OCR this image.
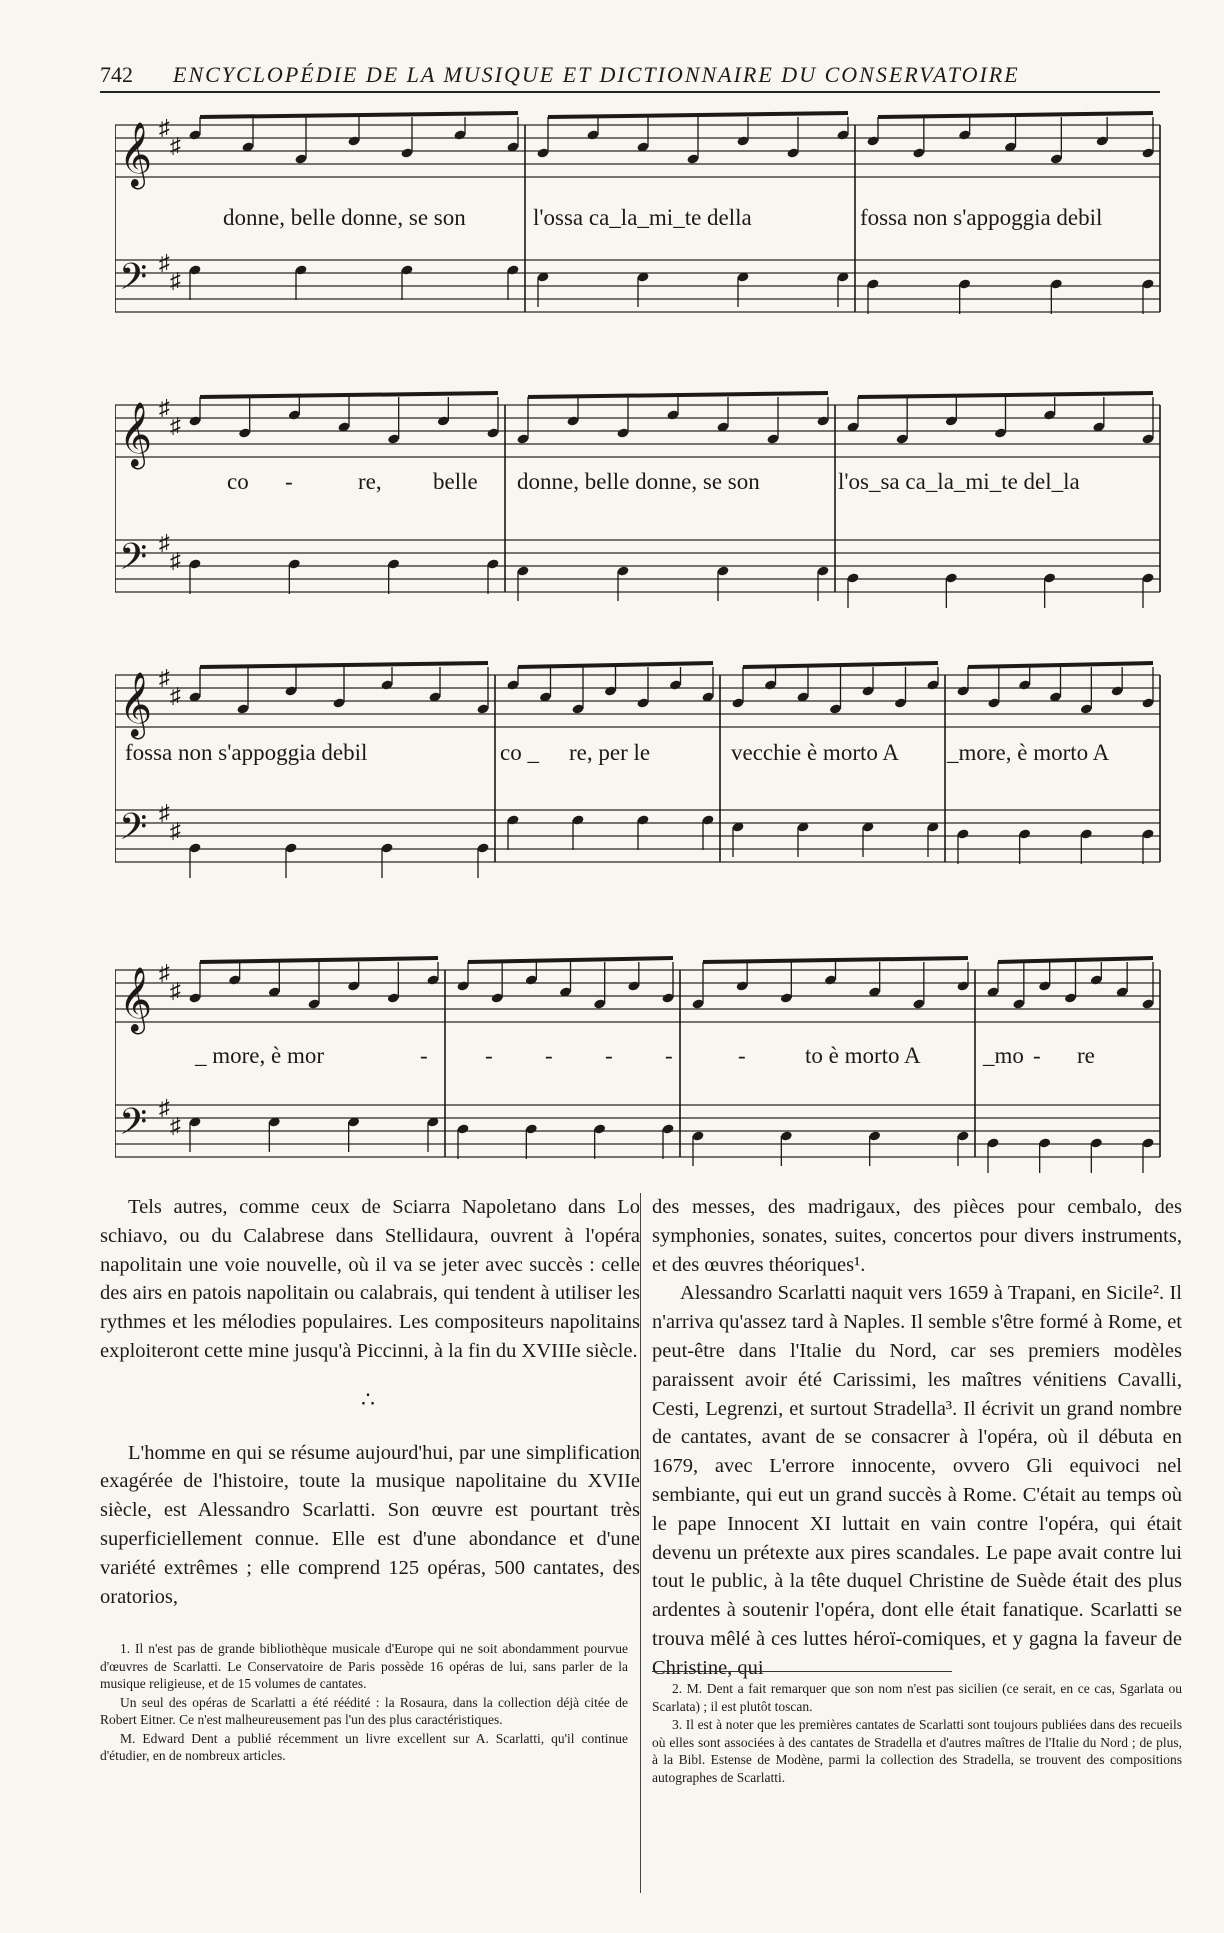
742 ENCYCLOPÉDIE DE LA MUSIQUE ET DICTIONNAIRE DU CONSERVATOIRE
𝄞 ♯
♯
𝄢 ♯
♯
donne, belle donne, se son	l'ossa ca_la_mi_te della	fossa non s'appoggia debil
𝄞 ♯
♯
𝄢 ♯
♯
co -	re, belle donne, belle donne, se son	l'os_sa ca_la_mi_te del_la
𝄞 ♯
♯
𝄢 ♯
♯
fossa non s'appoggia debil	co _ re, per le	vecchie è morto A _more, è morto A
𝄞 ♯
♯
𝄢 ♯
♯
_ more, è mor	- - - - -	-	to è morto A	_mo - re

Tels autres, comme ceux de Sciarra Napoletano dans Lo schiavo, ou du Calabrese dans Stellidaura, ouvrent à l'opéra napolitain une voie nouvelle, où il va se jeter avec succès : celle des airs en patois napolitain ou calabrais, qui tendent à utiliser les rythmes et les mélodies populaires. Les compositeurs napolitains exploiteront cette mine jusqu'à Piccinni, à la fin du XVIIIe siècle.

∴

L'homme en qui se résume aujourd'hui, par une simplification exagérée de l'histoire, toute la musique napolitaine du XVIIe siècle, est Alessandro Scarlatti. Son œuvre est pourtant très superficiellement connue. Elle est d'une abondance et d'une variété extrêmes ; elle comprend 125 opéras, 500 cantates, des oratorios,

des messes, des madrigaux, des pièces pour cembalo, des symphonies, sonates, suites, concertos pour divers instruments, et des œuvres théoriques¹.

Alessandro Scarlatti naquit vers 1659 à Trapani, en Sicile². Il n'arriva qu'assez tard à Naples. Il semble s'être formé à Rome, et peut-être dans l'Italie du Nord, car ses premiers modèles paraissent avoir été Carissimi, les maîtres vénitiens Cavalli, Cesti, Legrenzi, et surtout Stradella³. Il écrivit un grand nombre de cantates, avant de se consacrer à l'opéra, où il débuta en 1679, avec L'errore innocente, ovvero Gli equivoci nel sembiante, qui eut un grand succès à Rome. C'était au temps où le pape Innocent XI luttait en vain contre l'opéra, qui était devenu un prétexte aux pires scandales. Le pape avait contre lui tout le public, à la tête duquel Christine de Suède était des plus ardentes à soutenir l'opéra, dont elle était fanatique. Scarlatti se trouva mêlé à ces luttes héroï-comiques, et y gagna la faveur de Christine, qui

1. Il n'est pas de grande bibliothèque musicale d'Europe qui ne soit abondamment pourvue d'œuvres de Scarlatti. Le Conservatoire de Paris possède 16 opéras de lui, sans parler de la musique religieuse, et de 15 volumes de cantates.

Un seul des opéras de Scarlatti a été réédité : la Rosaura, dans la collection déjà citée de Robert Eitner. Ce n'est malheureusement pas l'un des plus caractéristiques.

M. Edward Dent a publié récemment un livre excellent sur A. Scarlatti, qu'il continue d'étudier, en de nombreux articles.

2. M. Dent a fait remarquer que son nom n'est pas sicilien (ce serait, en ce cas, Sgarlata ou Scarlata) ; il est plutôt toscan.

3. Il est à noter que les premières cantates de Scarlatti sont toujours publiées dans des recueils où elles sont associées à des cantates de Stradella et d'autres maîtres de l'Italie du Nord ; de plus, à la Bibl. Estense de Modène, parmi la collection des Stradella, se trouvent des compositions autographes de Scarlatti.
